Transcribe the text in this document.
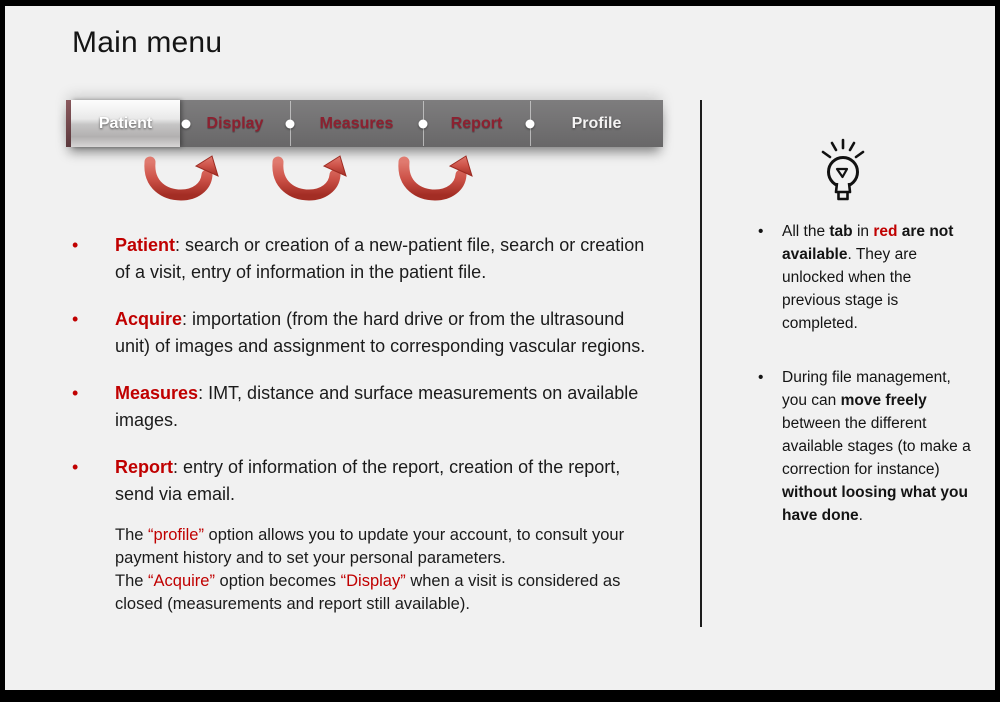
Main menu
Patient	Display	Measures	Report	Profile
•

Patient: search or creation of a new-patient file, search or creation of a visit, entry of information in the patient file.

•

Acquire: importation (from the hard drive or from the ultrasound unit) of images and assignment to corresponding vascular regions.

•

Measures: IMT, distance and surface measurements on available images.

•

Report: entry of information of the report, creation of the report, send via email.

The “profile” option allows you to update your account, to consult your payment history and to set your personal parameters.
The “Acquire” option becomes “Display” when a visit is considered as closed (measurements and report still available).
• All the tab in red are not available. They are unlocked when the previous stage is completed.
• During file management, you can move freely between the different available stages (to make a correction for instance) without loosing what you have done.
